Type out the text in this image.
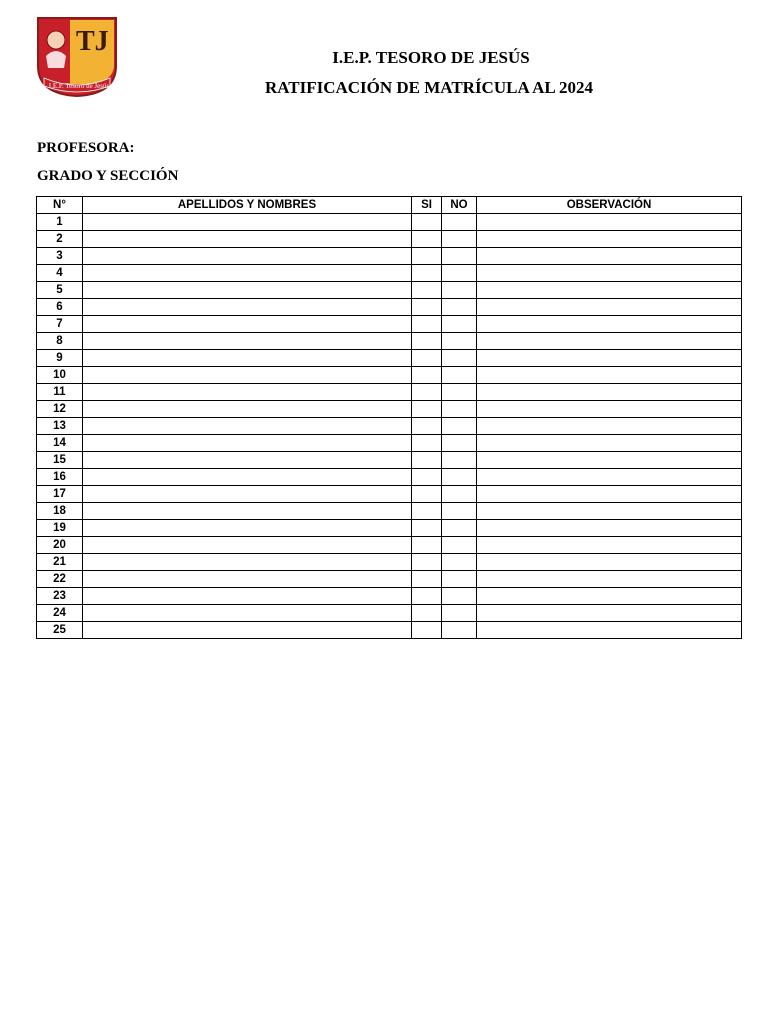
TJ
I.E.P. Tesoro de Jesús

I.E.P. TESORO DE JESÚS

RATIFICACIÓN DE MATRÍCULA AL 2024

PROFESORA:
GRADO Y SECCIÓN
N°	APELLIDOS Y NOMBRES	SI	NO	OBSERVACIÓN
1				
2				
3				
4				
5				
6				
7				
8				
9				
10				
11				
12				
13				
14				
15				
16				
17				
18				
19				
20				
21				
22				
23				
24				
25				
